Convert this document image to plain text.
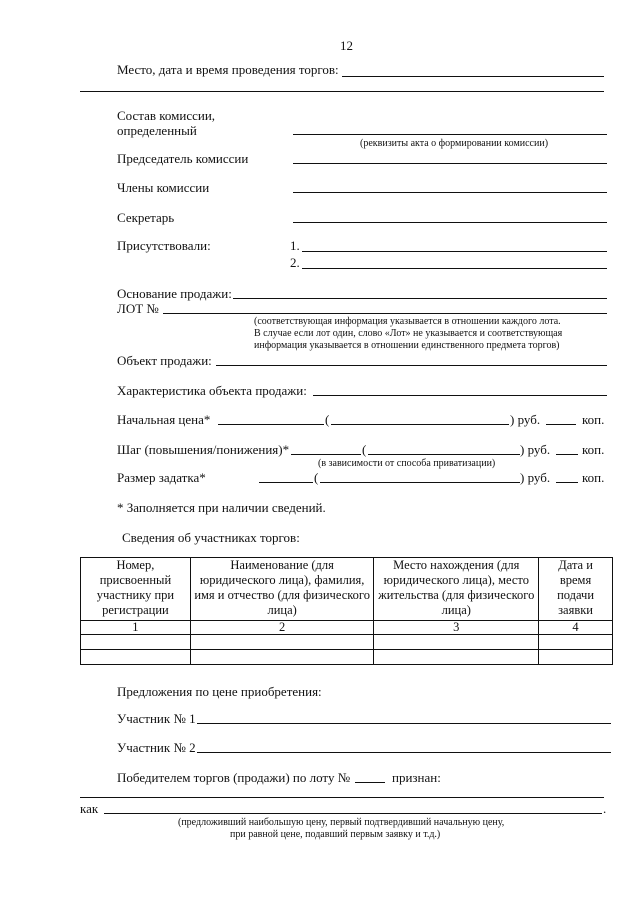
12
Место, дата и время проведения торгов:
Состав комиссии,
определенный
(реквизиты акта о формировании комиссии)
Председатель комиссии
Члены комиссии
Секретарь
Присутствовали:	1.
2.
Основание продажи:
ЛОТ №
(соответствующая информация указывается в отношении каждого лота.
В случае если лот один, слово «Лот» не указывается и соответствующая
информация указывается в отношении единственного предмета торгов)
Объект продажи:
Характеристика объекта продажи:
Начальная цена*	(	) руб.	коп.
Шаг (повышения/понижения)*	(	) руб. коп.
(в зависимости от способа приватизации)
Размер задатка*	(	) руб. коп.
* Заполняется при наличии сведений.
Сведения об участниках торгов:
Номер, присвоенный участнику при регистрации	Наименование (для юридического лица), фамилия, имя и отчество (для физического лица)	Место нахождения (для юридического лица), место жительства (для физического лица)	Дата и время подачи заявки
1	2	3	4

Предложения по цене приобретения:
Участник № 1
Участник № 2
Победителем торгов (продажи) по лоту №	признан:
как	.
(предложивший наибольшую цену, первый подтвердивший начальную цену,
при равной цене, подавший первым заявку и т.д.)
